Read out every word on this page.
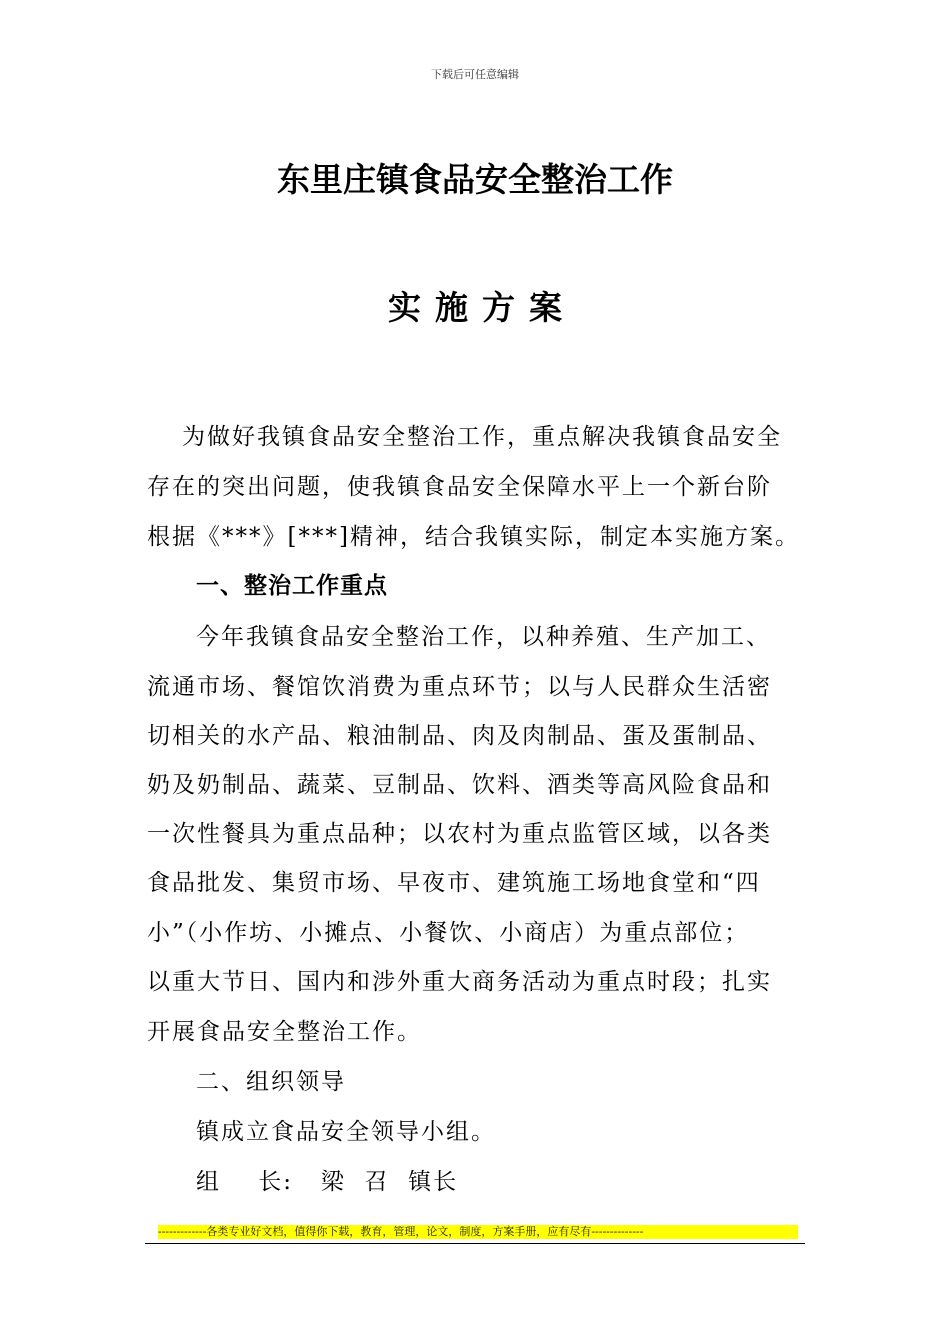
下载后可任意编辑
东里庄镇食品安全整治工作
实施方案
为做好我镇食品安全整治工作，重点解决我镇食品安全
存在的突出问题，使我镇食品安全保障水平上一个新台阶
根据《***》[***]精神，结合我镇实际，制定本实施方案。
一、整治工作重点
今年我镇食品安全整治工作，以种养殖、生产加工、
流通市场、餐馆饮消费为重点环节；以与人民群众生活密
切相关的水产品、粮油制品、肉及肉制品、蛋及蛋制品、
奶及奶制品、蔬菜、豆制品、饮料、酒类等高风险食品和
一次性餐具为重点品种；以农村为重点监管区域，以各类
食品批发、集贸市场、早夜市、建筑施工场地食堂和“四
小”（小作坊、小摊点、小餐饮、小商店）为重点部位；
以重大节日、国内和涉外重大商务活动为重点时段；扎实
开展食品安全整治工作。
二、组织领导
镇成立食品安全领导小组。
组    长:   梁  召  镇长
-------------各类专业好文档，值得你下载，教育，管理，论文，制度，方案手册，应有尽有--------------
